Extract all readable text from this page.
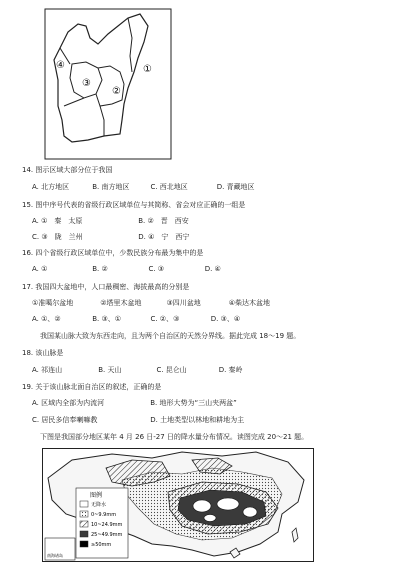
④
③
②
①
14. 图示区域大部分位于我国
A. 北方地区	B. 南方地区	C. 西北地区	D. 青藏地区
15. 图中序号代表的省级行政区域单位与其简称、省会对应正确的一组是
A. ①　秦　太原	B. ②　晋　西安
C. ③　陇　兰州	D. ④　宁　西宁
16. 四个省级行政区域单位中，少数民族分布最为集中的是
A. ①	B. ②	C. ③	D. ④
17. 我国四大盆地中，人口最稠密、海拔最高的分别是
①准噶尔盆地	②塔里木盆地	③四川盆地	④柴达木盆地
A. ①、②	B. ③、①	C. ②、③	D. ③、④
我国某山脉大致为东西走向，且为两个自治区的天然分界线。据此完成 18～19 题。
18. 该山脉是
A. 祁连山	B. 天山	C. 昆仑山	D. 秦岭
19. 关于该山脉北面自治区的叙述，正确的是
A. 区域内全部为内流河	B. 地形大势为“三山夹两盆”
C. 居民多信奉喇嘛教	D. 土地类型以林地和耕地为主
下图是我国部分地区某年 4 月 26 日-27 日的降水量分布情况。读图完成 20～21 题。
图例
无降水
0~9.9mm
10~24.9mm
25~49.9mm
≥50mm
南海诸岛
